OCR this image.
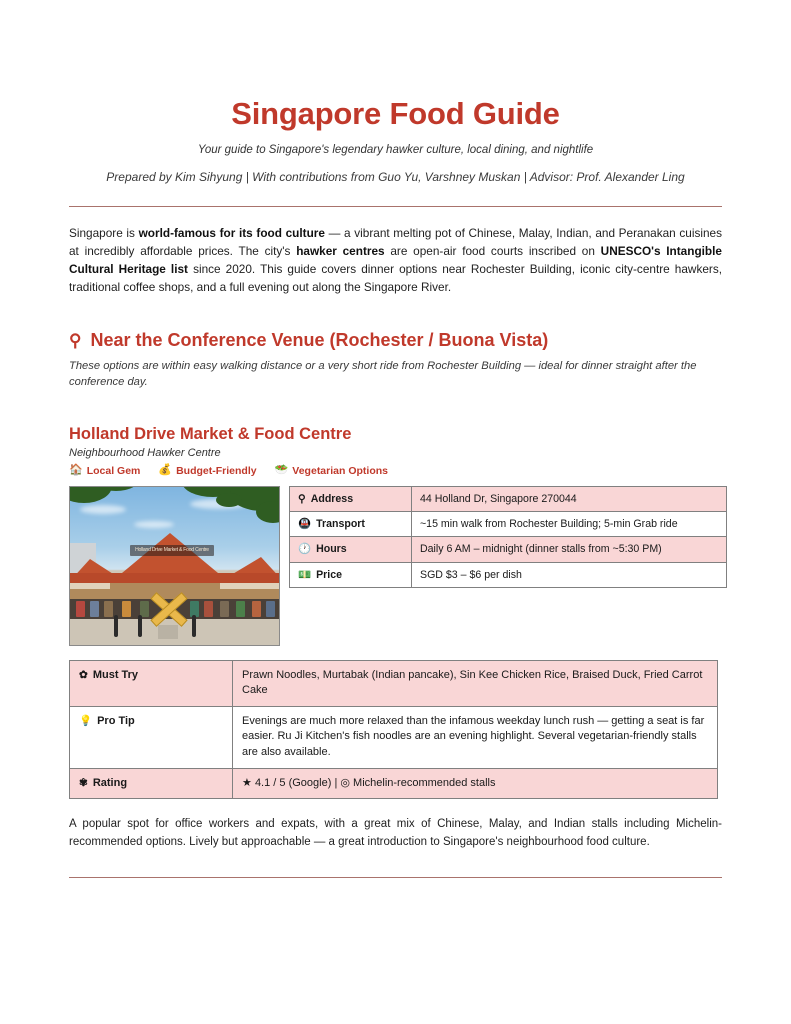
Singapore Food Guide

Your guide to Singapore's legendary hawker culture, local dining, and nightlife

Prepared by Kim Sihyung | With contributions from Guo Yu, Varshney Muskan | Advisor: Prof. Alexander Ling

Singapore is world-famous for its food culture — a vibrant melting pot of Chinese, Malay, Indian, and Peranakan cuisines at incredibly affordable prices. The city's hawker centres are open-air food courts inscribed on UNESCO's Intangible Cultural Heritage list since 2020. This guide covers dinner options near Rochester Building, iconic city-centre hawkers, traditional coffee shops, and a full evening out along the Singapore River.

⚲ Near the Conference Venue (Rochester / Buona Vista)

These options are within easy walking distance or a very short ride from Rochester Building — ideal for dinner straight after the conference day.

Holland Drive Market & Food Centre

Neighbourhood Hawker Centre

🏠 Local Gem 💰 Budget-Friendly 🥗 Vegetarian Options
Holland Drive Market & Food Centre
⚲ Address	44 Holland Dr, Singapore 270044
🚇 Transport	~15 min walk from Rochester Building; 5-min Grab ride
🕐 Hours	Daily 6 AM – midnight (dinner stalls from ~5:30 PM)
💵 Price	SGD $3 – $6 per dish
✿ Must Try	Prawn Noodles, Murtabak (Indian pancake), Sin Kee Chicken Rice, Braised Duck, Fried Carrot Cake
💡 Pro Tip	Evenings are much more relaxed than the infamous weekday lunch rush — getting a seat is far easier. Ru Ji Kitchen's fish noodles are an evening highlight. Several vegetarian-friendly stalls are also available.
✾ Rating	★ 4.1 / 5 (Google) | ◎ Michelin-recommended stalls

A popular spot for office workers and expats, with a great mix of Chinese, Malay, and Indian stalls including Michelin-recommended options. Lively but approachable — a great introduction to Singapore's neighbourhood food culture.
